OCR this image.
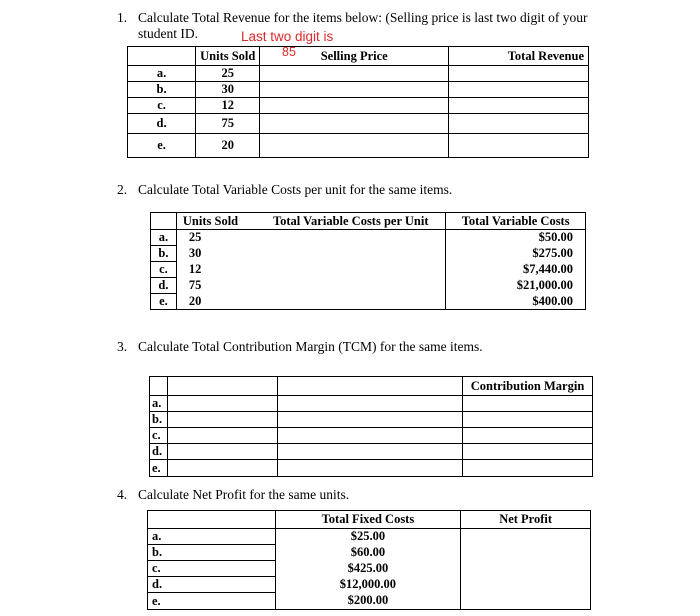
1. Calculate Total Revenue for the items below: (Selling price is last two digit of your
student ID.	Last two digit is
85
	Units Sold	Selling Price	Total Revenue
a.	25		
b.	30		
c.	12		
d.	75		
e.	20		
2. Calculate Total Variable Costs per unit for the same items.
	Units Sold	Total Variable Costs per Unit	Total Variable Costs
a.	25		$50.00
b.	30		$275.00
c.	12		$7,440.00
d.	75		$21,000.00
e.	20		$400.00
3. Calculate Total Contribution Margin (TCM) for the same items.
			Contribution Margin
a.			
b.			
c.			
d.			
e.			
4. Calculate Net Profit for the same units.
	Total Fixed Costs	Net Profit
a.	$25.00	
b.	$60.00	
c.	$425.00	
d.	$12,000.00	
e.	$200.00	
